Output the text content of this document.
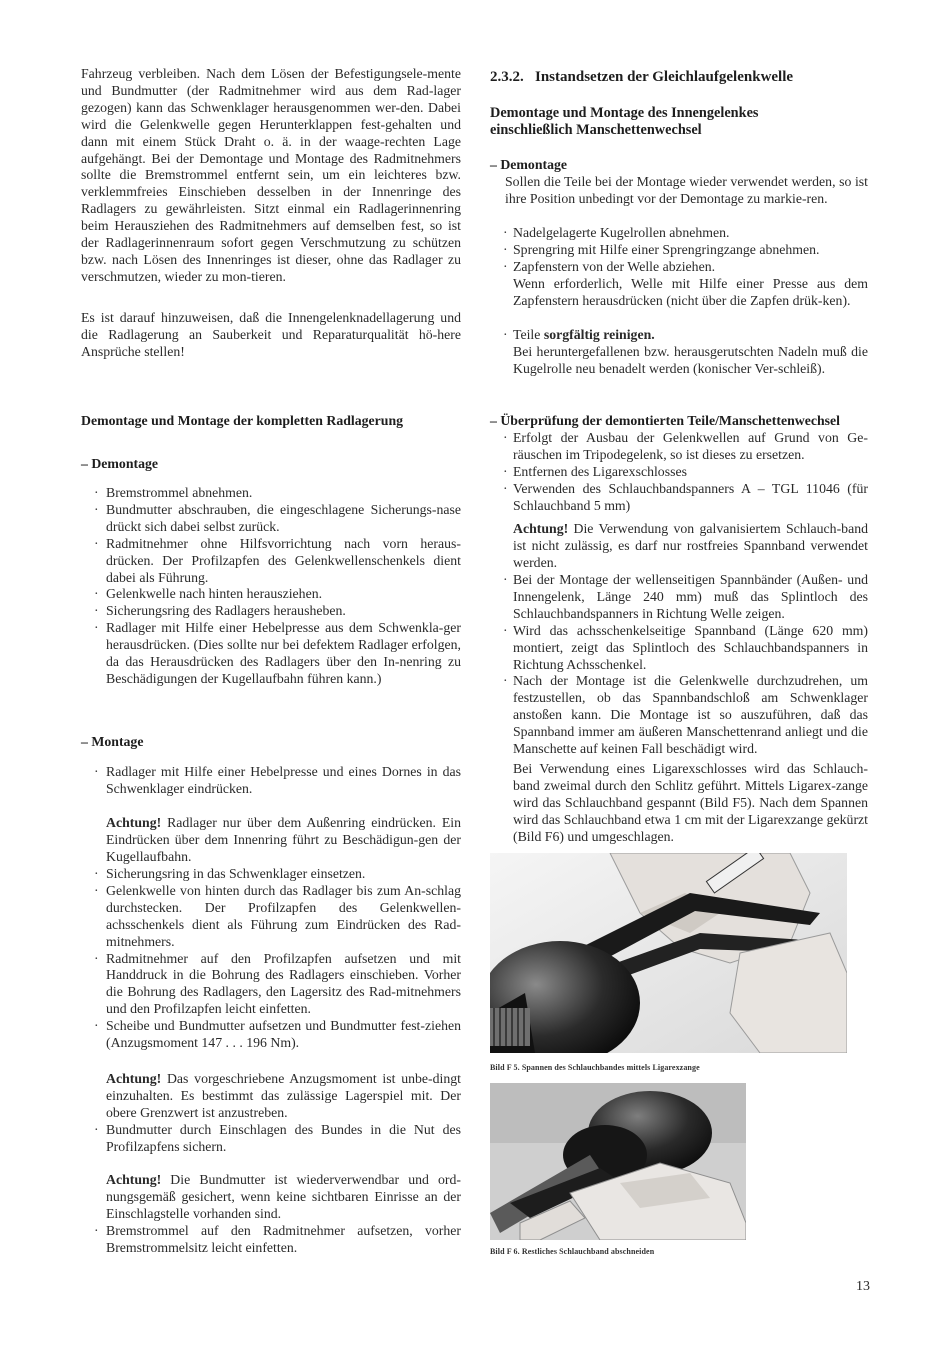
Fahrzeug verbleiben. Nach dem Lösen der Befestigungsele-mente und Bundmutter (der Radmitnehmer wird aus dem Rad-lager gezogen) kann das Schwenklager herausgenommen wer-den. Dabei wird die Gelenkwelle gegen Herunterklappen fest-gehalten und dann mit einem Stück Draht o. ä. in der waage-rechten Lage aufgehängt. Bei der Demontage und Montage des Radmitnehmers sollte die Bremstrommel entfernt sein, um ein leichteres bzw. verklemmfreies Einschieben desselben in der Innenringe des Radlagers zu gewährleisten. Sitzt einmal ein Radlagerinnenring beim Herausziehen des Radmitnehmers auf demselben fest, so ist der Radlagerinnenraum sofort gegen Verschmutzung zu schützen bzw. nach Lösen des Innenringes ist dieser, ohne das Radlager zu verschmutzen, wieder zu mon-tieren.

Es ist darauf hinzuweisen, daß die Innengelenknadellagerung und die Radlagerung an Sauberkeit und Reparaturqualität hö-here Ansprüche stellen!

Demontage und Montage der kompletten Radlagerung

– Demontage

· Bremstrommel abnehmen.
· Bundmutter abschrauben, die eingeschlagene Sicherungs-nase drückt sich dabei selbst zurück.
· Radmitnehmer ohne Hilfsvorrichtung nach vorn heraus-drücken. Der Profilzapfen des Gelenkwellenschenkels dient dabei als Führung.
· Gelenkwelle nach hinten herausziehen.
· Sicherungsring des Radlagers herausheben.
· Radlager mit Hilfe einer Hebelpresse aus dem Schwenkla-ger herausdrücken. (Dies sollte nur bei defektem Radlager erfolgen, da das Herausdrücken des Radlagers über den In-nenring zu Beschädigungen der Kugellaufbahn führen kann.)

– Montage

· Radlager mit Hilfe einer Hebelpresse und eines Dornes in das Schwenklager eindrücken.

Achtung! Radlager nur über dem Außenring eindrücken. Ein Eindrücken über dem Innenring führt zu Beschädigun-gen der Kugellaufbahn.

· Sicherungsring in das Schwenklager einsetzen.
· Gelenkwelle von hinten durch das Radlager bis zum An-schlag durchstecken. Der Profilzapfen des Gelenkwellen-achsschenkels dient als Führung zum Eindrücken des Rad-mitnehmers.
· Radmitnehmer auf den Profilzapfen aufsetzen und mit Handdruck in die Bohrung des Radlagers einschieben. Vorher die Bohrung des Radlagers, den Lagersitz des Rad-mitnehmers und den Profilzapfen leicht einfetten.
· Scheibe und Bundmutter aufsetzen und Bundmutter fest-ziehen (Anzugsmoment 147 . . . 196 Nm).

Achtung! Das vorgeschriebene Anzugsmoment ist unbe-dingt einzuhalten. Es bestimmt das zulässige Lagerspiel mit. Der obere Grenzwert ist anzustreben.

· Bundmutter durch Einschlagen des Bundes in die Nut des Profilzapfens sichern.

Achtung! Die Bundmutter ist wiederverwendbar und ord-nungsgemäß gesichert, wenn keine sichtbaren Einrisse an der Einschlagstelle vorhanden sind.

· Bremstrommel auf den Radmitnehmer aufsetzen, vorher Bremstrommelsitz leicht einfetten.

2.3.2.   Instandsetzen der Gleichlaufgelenkwelle

Demontage und Montage des Innengelenkes einschließlich Manschettenwechsel

– Demontage

Sollen die Teile bei der Montage wieder verwendet werden, so ist ihre Position unbedingt vor der Demontage zu markie-ren.

· Nadelgelagerte Kugelrollen abnehmen.
· Sprengring mit Hilfe einer Sprengringzange abnehmen.
· Zapfenstern von der Welle abziehen.

Wenn erforderlich, Welle mit Hilfe einer Presse aus dem Zapfenstern herausdrücken (nicht über die Zapfen drük-ken).

· Teile sorgfältig reinigen.

Bei heruntergefallenen bzw. herausgerutschten Nadeln muß die Kugelrolle neu benadelt werden (konischer Ver-schleiß).

– Überprüfung der demontierten Teile/Manschettenwechsel

· Erfolgt der Ausbau der Gelenkwellen auf Grund von Ge-räuschen im Tripodegelenk, so ist dieses zu ersetzen.
· Entfernen des Ligarexschlosses
· Verwenden des Schlauchbandspanners A – TGL 11046 (für Schlauchband 5 mm)

Achtung! Die Verwendung von galvanisiertem Schlauch-band ist nicht zulässig, es darf nur rostfreies Spannband verwendet werden.

· Bei der Montage der wellenseitigen Spannbänder (Außen- und Innengelenk, Länge 240 mm) muß das Splintloch des Schlauchbandspanners in Richtung Welle zeigen.
· Wird das achsschenkelseitige Spannband (Länge 620 mm) montiert, zeigt das Splintloch des Schlauchbandspanners in Richtung Achsschenkel.
· Nach der Montage ist die Gelenkwelle durchzudrehen, um festzustellen, ob das Spannbandschloß am Schwenklager anstoßen kann. Die Montage ist so auszuführen, daß das Spannband immer am äußeren Manschettenrand anliegt und die Manschette auf keinen Fall beschädigt wird.

Bei Verwendung eines Ligarexschlosses wird das Schlauch-band zweimal durch den Schlitz geführt. Mittels Ligarex-zange wird das Schlauchband gespannt (Bild F5). Nach dem Spannen wird das Schlauchband etwa 1 cm mit der Ligarexzange gekürzt (Bild F6) und umgeschlagen.

Bild F 5. Spannen des Schlauchbandes mittels Ligarexzange

Bild F 6. Restliches Schlauchband abschneiden

13
